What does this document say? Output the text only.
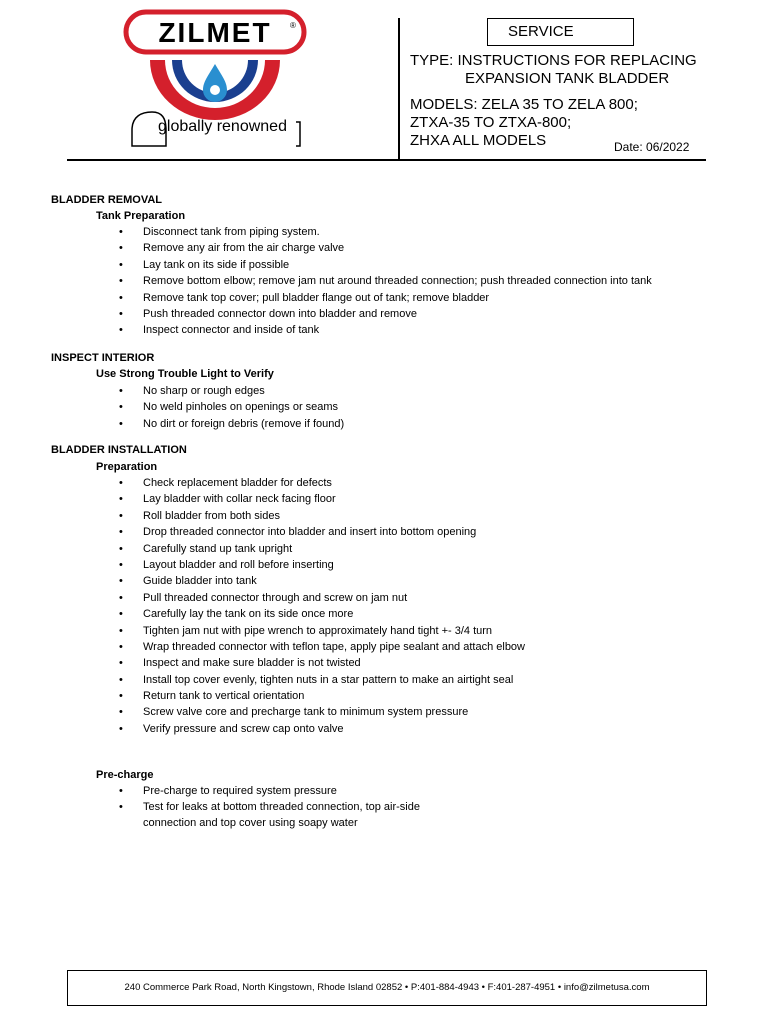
ZILMET ®
globally renowned
SERVICE
TYPE: INSTRUCTIONS FOR REPLACING
EXPANSION TANK BLADDER
MODELS: ZELA 35 TO ZELA 800;
ZTXA-35 TO ZTXA-800;
ZHXA ALL MODELS	Date: 06/2022
BLADDER REMOVAL
Tank Preparation
• Disconnect tank from piping system.
• Remove any air from the air charge valve
• Lay tank on its side if possible
• Remove bottom elbow; remove jam nut around threaded connection; push threaded connection into tank
• Remove tank top cover; pull bladder flange out of tank; remove bladder
• Push threaded connector down into bladder and remove
• Inspect connector and inside of tank
INSPECT INTERIOR
Use Strong Trouble Light to Verify
• No sharp or rough edges
• No weld pinholes on openings or seams
• No dirt or foreign debris (remove if found)
BLADDER INSTALLATION
Preparation
• Check replacement bladder for defects
• Lay bladder with collar neck facing floor
• Roll bladder from both sides
• Drop threaded connector into bladder and insert into bottom opening
• Carefully stand up tank upright
• Layout bladder and roll before inserting
• Guide bladder into tank
• Pull threaded connector through and screw on jam nut
• Carefully lay the tank on its side once more
• Tighten jam nut with pipe wrench to approximately hand tight +- 3/4 turn
• Wrap threaded connector with teflon tape, apply pipe sealant and attach elbow
• Inspect and make sure bladder is not twisted
• Install top cover evenly, tighten nuts in a star pattern to make an airtight seal
• Return tank to vertical orientation
• Screw valve core and precharge tank to minimum system pressure
• Verify pressure and screw cap onto valve
Pre-charge
• Pre-charge to required system pressure
• Test for leaks at bottom threaded connection, top air-side connection and top cover using soapy water
240 Commerce Park Road, North Kingstown, Rhode Island 02852 • P:401-884-4943 • F:401-287-4951 • info@zilmetusa.com
